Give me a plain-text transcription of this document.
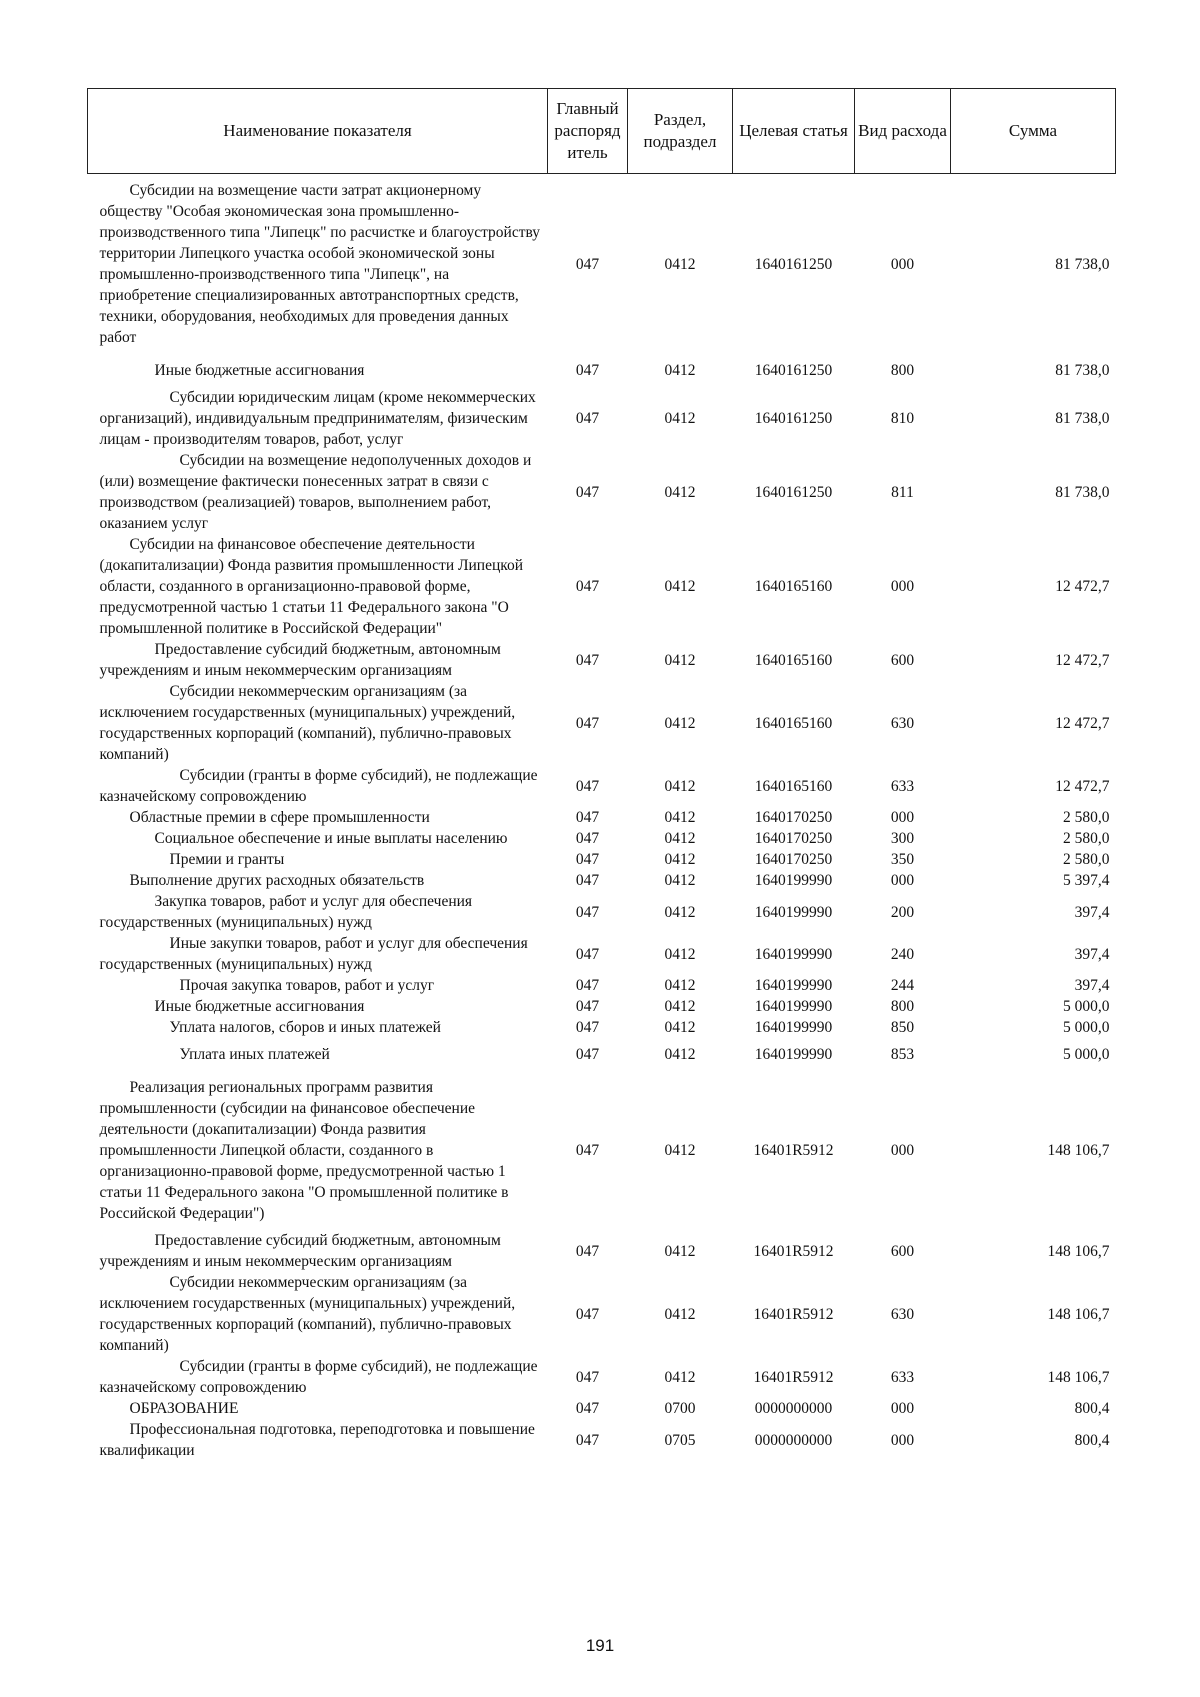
Наименование показателя	Главный распоряд итель	Раздел, подраздел	Целевая статья	Вид расхода	Сумма
Субсидии на возмещение части затрат акционерному обществу "Особая экономическая зона промышленно-производственного типа "Липецк" по расчистке и благоустройству территории Липецкого участка особой экономической зоны промышленно-производственного типа "Липецк", на приобретение специализированных автотранспортных средств, техники, оборудования, необходимых для проведения данных работ	047	0412	1640161250	000	81 738,0
Иные бюджетные ассигнования	047	0412	1640161250	800	81 738,0
Субсидии юридическим лицам (кроме некоммерческих организаций), индивидуальным предпринимателям, физическим лицам - производителям товаров, работ, услуг	047	0412	1640161250	810	81 738,0
Субсидии на возмещение недополученных доходов и (или) возмещение фактически понесенных затрат в связи с производством (реализацией) товаров, выполнением работ, оказанием услуг	047	0412	1640161250	811	81 738,0
Субсидии на финансовое обеспечение деятельности (докапитализации) Фонда развития промышленности Липецкой области, созданного в организационно-правовой форме, предусмотренной частью 1 статьи 11 Федерального закона "О промышленной политике в Российской Федерации"	047	0412	1640165160	000	12 472,7
Предоставление субсидий бюджетным, автономным учреждениям и иным некоммерческим организациям	047	0412	1640165160	600	12 472,7
Субсидии некоммерческим организациям (за исключением государственных (муниципальных) учреждений, государственных корпораций (компаний), публично-правовых компаний)	047	0412	1640165160	630	12 472,7
Субсидии (гранты в форме субсидий), не подлежащие казначейскому сопровождению	047	0412	1640165160	633	12 472,7
Областные премии в сфере промышленности	047	0412	1640170250	000	2 580,0
Социальное обеспечение и иные выплаты населению	047	0412	1640170250	300	2 580,0
Премии и гранты	047	0412	1640170250	350	2 580,0
Выполнение других расходных обязательств	047	0412	1640199990	000	5 397,4
Закупка товаров, работ и услуг для обеспечения государственных (муниципальных) нужд	047	0412	1640199990	200	397,4
Иные закупки товаров, работ и услуг для обеспечения государственных (муниципальных) нужд	047	0412	1640199990	240	397,4
Прочая закупка товаров, работ и услуг	047	0412	1640199990	244	397,4
Иные бюджетные ассигнования	047	0412	1640199990	800	5 000,0
Уплата налогов, сборов и иных платежей	047	0412	1640199990	850	5 000,0
Уплата иных платежей	047	0412	1640199990	853	5 000,0
Реализация региональных программ развития промышленности (субсидии на финансовое обеспечение деятельности (докапитализации) Фонда развития промышленности Липецкой области, созданного в организационно-правовой форме, предусмотренной частью 1 статьи 11 Федерального закона "О промышленной политике в Российской Федерации")	047	0412	16401R5912	000	148 106,7
Предоставление субсидий бюджетным, автономным учреждениям и иным некоммерческим организациям	047	0412	16401R5912	600	148 106,7
Субсидии некоммерческим организациям (за исключением государственных (муниципальных) учреждений, государственных корпораций (компаний), публично-правовых компаний)	047	0412	16401R5912	630	148 106,7
Субсидии (гранты в форме субсидий), не подлежащие казначейскому сопровождению	047	0412	16401R5912	633	148 106,7
ОБРАЗОВАНИЕ	047	0700	0000000000	000	800,4
Профессиональная подготовка, переподготовка и повышение квалификации	047	0705	0000000000	000	800,4
191
